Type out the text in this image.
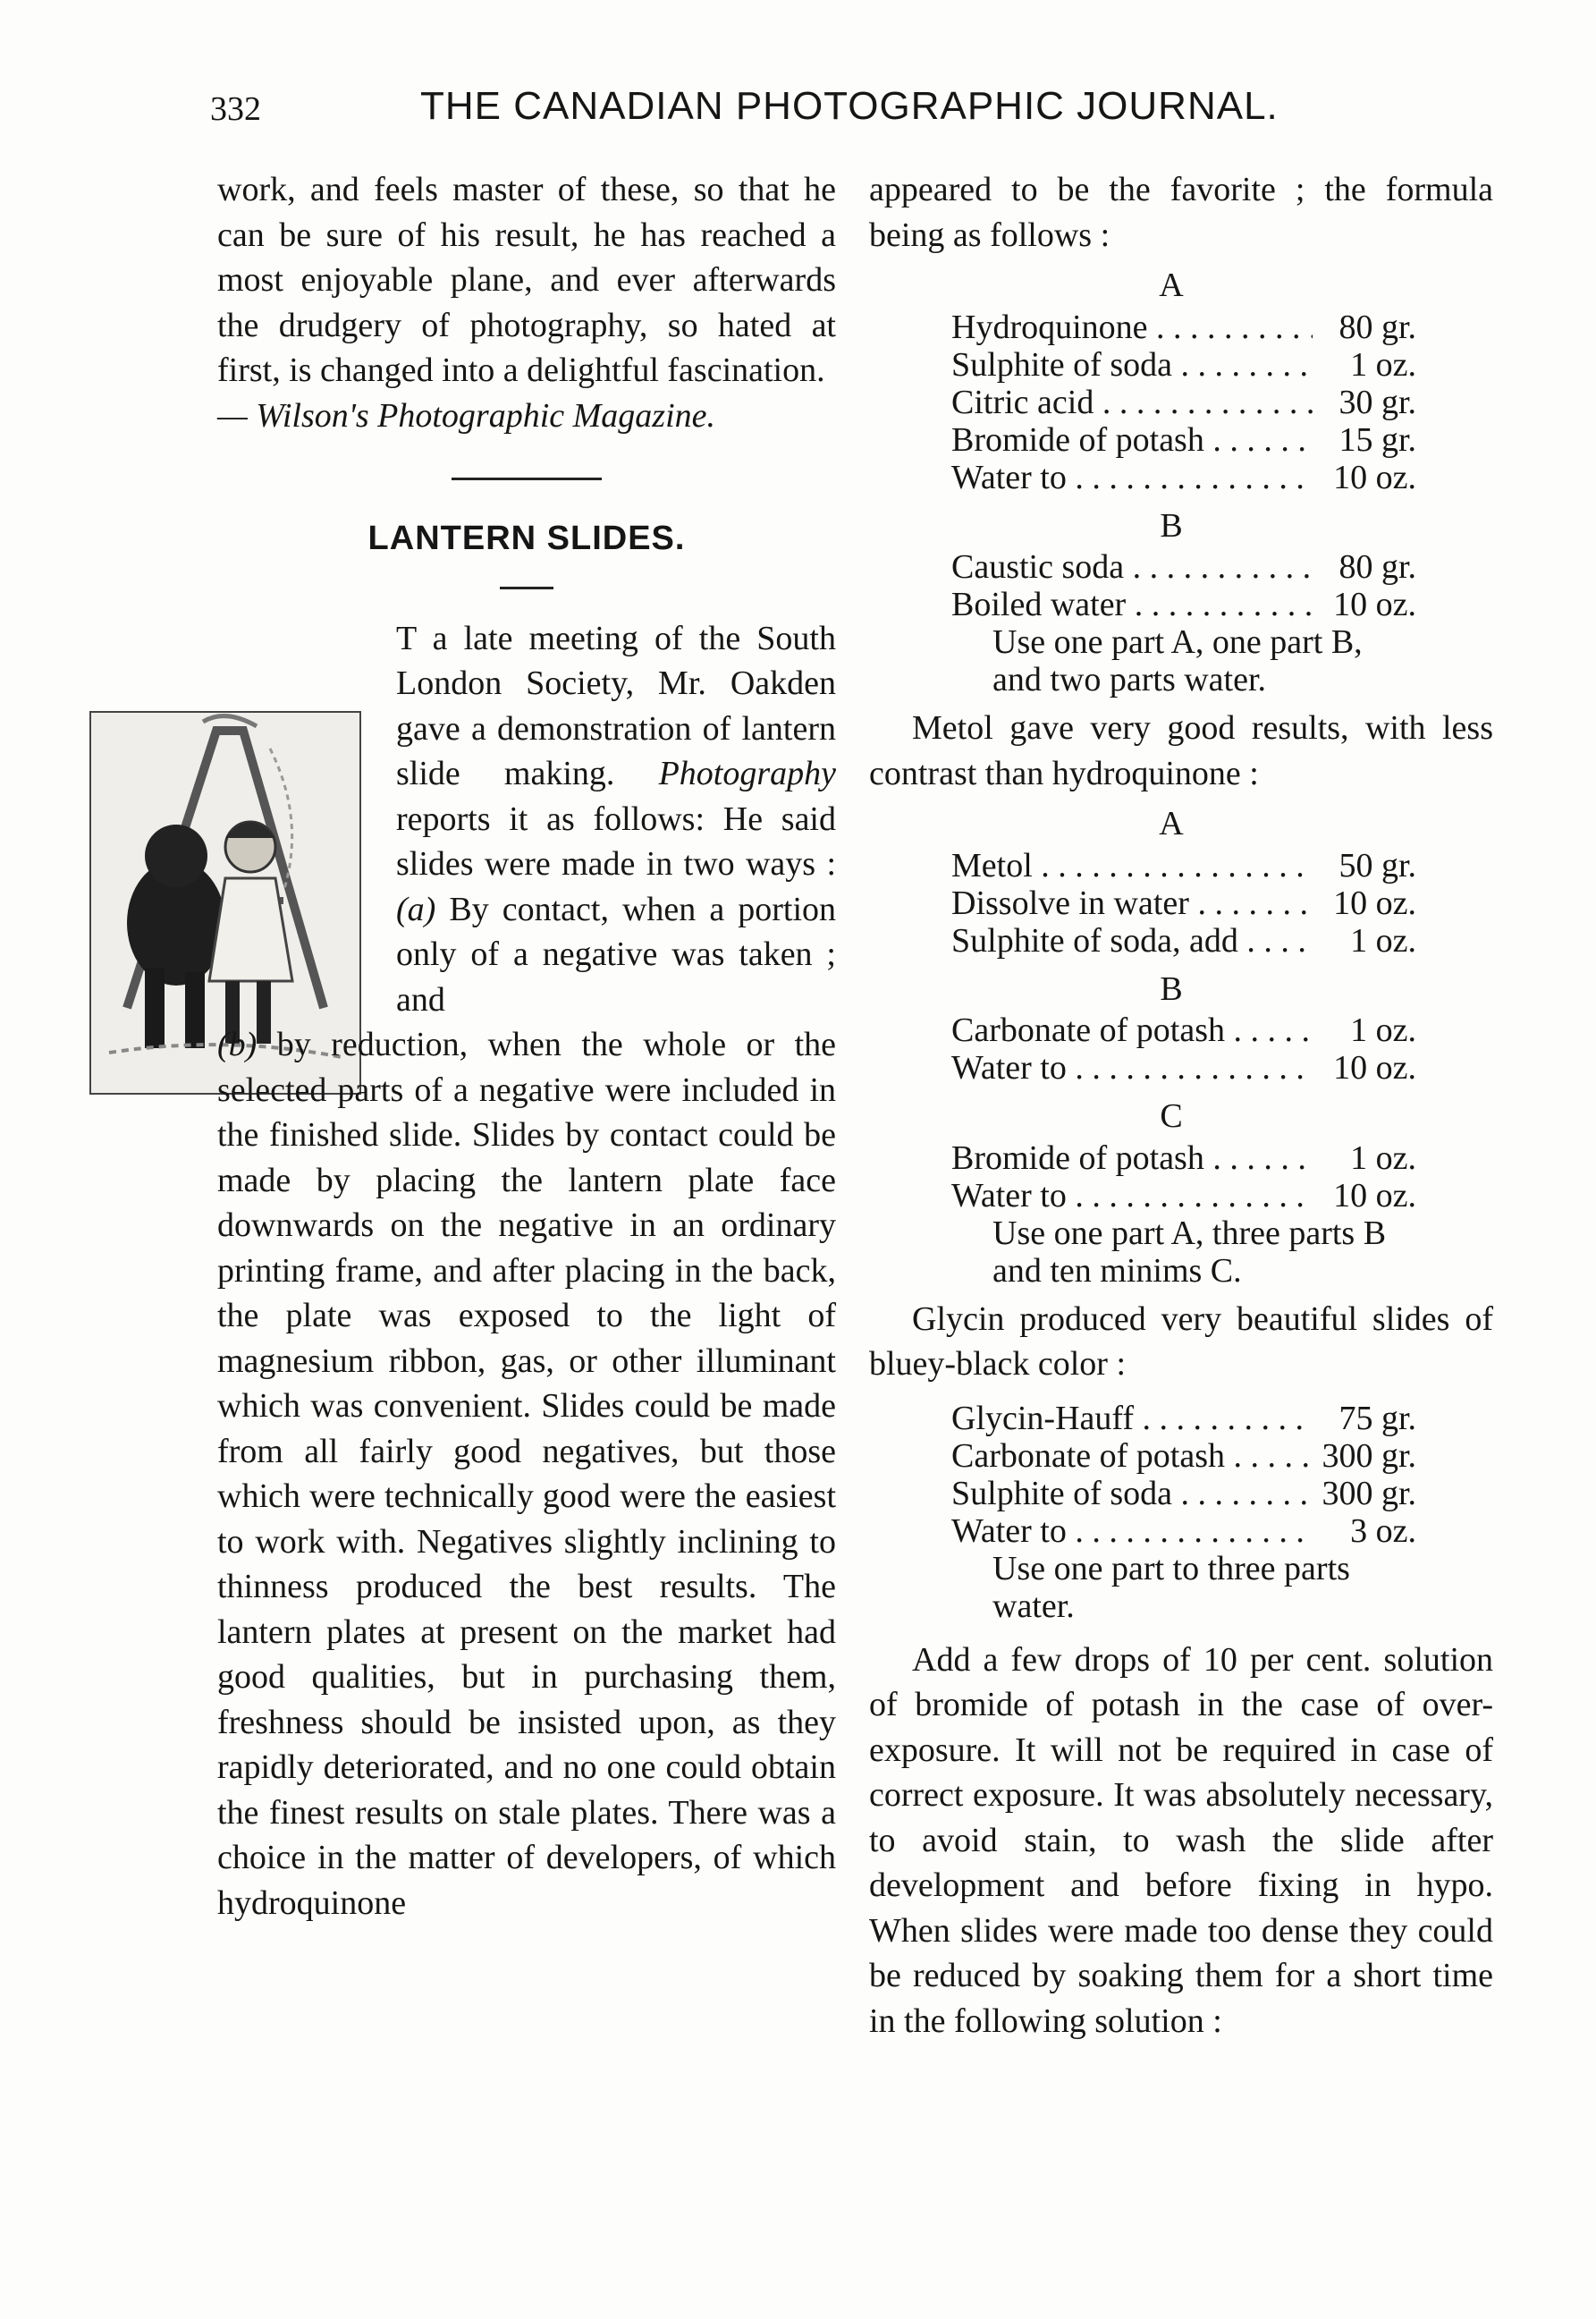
332	THE CANADIAN PHOTOGRAPHIC JOURNAL.

work, and feels master of these, so that he can be sure of his result, he has reached a most enjoyable plane, and ever afterwards the drudgery of photography, so hated at first, is changed into a delightful fascination.

— Wilson's Photographic Magazine.

LANTERN SLIDES.

T a late meeting of the South London Society, Mr. Oakden gave a demonstration of lantern slide making. Photography reports it as follows: He said slides were made in two ways : (a) By contact, when a portion only of a negative was taken ; and
(b) by reduction, when the whole or the selected parts of a negative were included in the finished slide. Slides by contact could be made by placing the lantern plate face downwards on the negative in an ordinary printing frame, and after placing in the back, the plate was exposed to the light of magnesium ribbon, gas, or other illuminant which was convenient. Slides could be made from all fairly good negatives, but those which were technically good were the easiest to work with. Negatives slightly inclining to thinness produced the best results. The lantern plates at present on the market had good qualities, but in purchasing them, freshness should be insisted upon, as they rapidly deteriorated, and no one could obtain the finest results on stale plates. There was a choice in the matter of developers, of which hydroquinone

appeared to be the favorite ; the formula being as follows :

A
Hydroquinone . . .	80 gr.
Sulphite of soda . . .	1 oz.
Citric acid . . .	30 gr.
Bromide of potash . . .	15 gr.
Water to . . .	10 oz.
B
Caustic soda . . .	80 gr.
Boiled water . . .	10 oz.
Use one part A, one part B, and two parts water.

Metol gave very good results, with less contrast than hydroquinone :

A
Metol . . .	50 gr.
Dissolve in water . . .	10 oz.
Sulphite of soda, add . . .	1 oz.
B
Carbonate of potash . . .	1 oz.
Water to . . .	10 oz.
C
Bromide of potash . . .	1 oz.
Water to . . .	10 oz.
Use one part A, three parts B and ten minims C.

Glycin produced very beautiful slides of bluey-black color :

Glycin-Hauff . . .	75 gr.
Carbonate of potash . . .	300 gr.
Sulphite of soda . . .	300 gr.
Water to . . .	3 oz.
Use one part to three parts water.

Add a few drops of 10 per cent. solution of bromide of potash in the case of over-exposure. It will not be required in case of correct exposure. It was absolutely necessary, to avoid stain, to wash the slide after development and before fixing in hypo. When slides were made too dense they could be reduced by soaking them for a short time in the following solution :
